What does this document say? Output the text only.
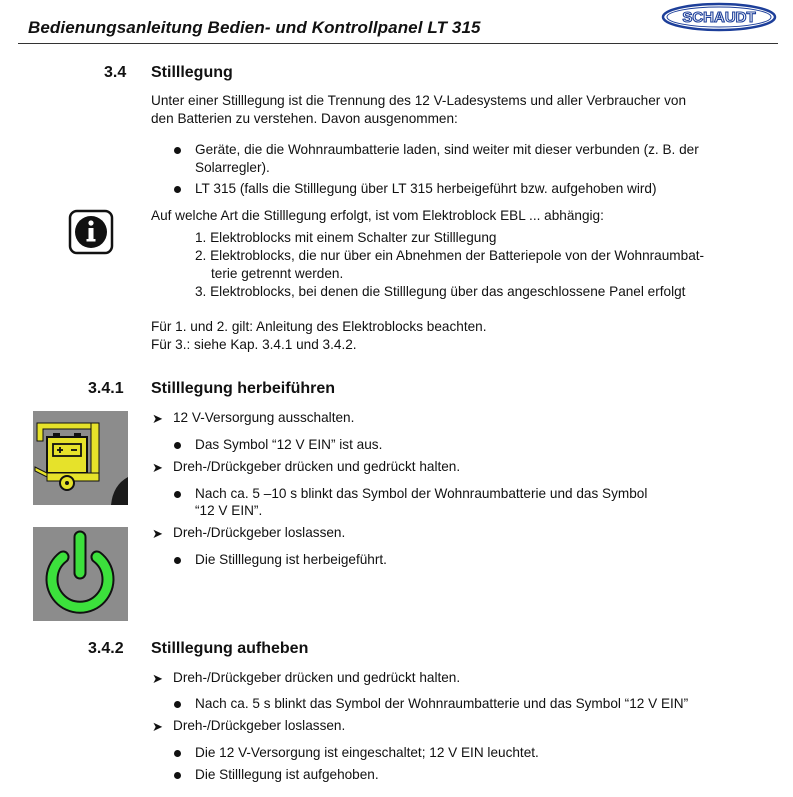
Bedienungsanleitung Bedien- und Kontrollpanel LT 315
SCHAUDT
3.4 Stilllegung
Unter einer Stilllegung ist die Trennung des 12 V-Ladesystems und aller Verbraucher von
den Batterien zu verstehen. Davon ausgenommen:
Geräte, die die Wohnraumbatterie laden, sind weiter mit dieser verbunden (z. B. der
Solarregler).
LT 315 (falls die Stilllegung über LT 315 herbeigeführt bzw. aufgehoben wird)
Auf welche Art die Stilllegung erfolgt, ist vom Elektroblock EBL ... abhängig:
1. Elektroblocks mit einem Schalter zur Stilllegung
2. Elektroblocks, die nur über ein Abnehmen der Batteriepole von der Wohnraumbat-
terie getrennt werden.
3. Elektroblocks, bei denen die Stilllegung über das angeschlossene Panel erfolgt
Für 1. und 2. gilt: Anleitung des Elektroblocks beachten.
Für 3.: siehe Kap. 3.4.1 und 3.4.2.
3.4.1 Stilllegung herbeiführen
➤ 12 V-Versorgung ausschalten.
Das Symbol “12 V EIN” ist aus.
➤ Dreh-/Drückgeber drücken und gedrückt halten.
Nach ca. 5 –10 s blinkt das Symbol der Wohnraumbatterie und das Symbol
“12 V EIN”.
➤ Dreh-/Drückgeber loslassen.
Die Stilllegung ist herbeigeführt.
3.4.2 Stilllegung aufheben
➤ Dreh-/Drückgeber drücken und gedrückt halten.
Nach ca. 5 s blinkt das Symbol der Wohnraumbatterie und das Symbol “12 V EIN”
➤ Dreh-/Drückgeber loslassen.
Die 12 V-Versorgung ist eingeschaltet; 12 V EIN leuchtet.
Die Stilllegung ist aufgehoben.
